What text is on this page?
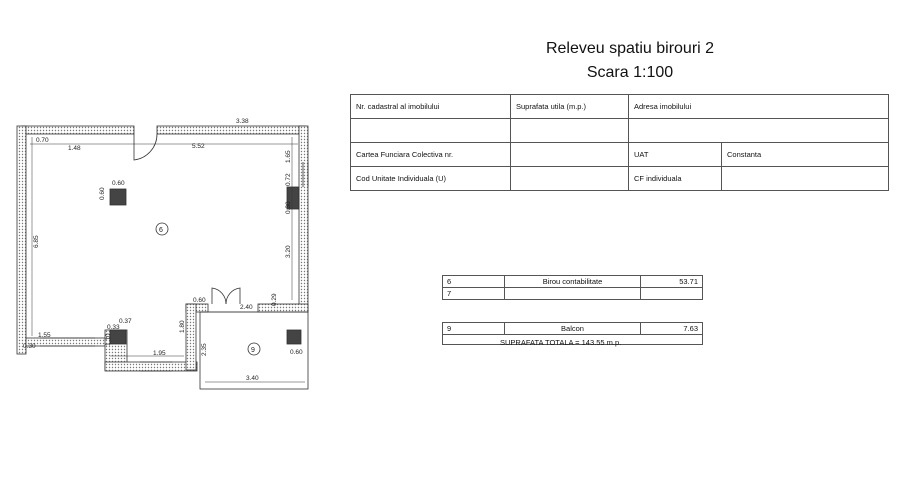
Releveu spatiu birouri 2
Scara 1:100
Nr. cadastral al imobilului	Suprafata utila (m.p.)	Adresa imobilului	

Cartea Funciara Colectiva nr.		UAT	Constanta
Cod Unitate Individuala (U)		CF individuala	
6	Birou contabilitate	53.71
7		
9	Balcon	7.63

SUPRAFATA TOTALA = 143.55 m.p.
3.38
0.70
1.48	5.52
0.60
0.60
6.85
1.65
0.72
0.30
3.20
0.60
2.40
0.29
0.37
0.33
1.55	1.10
1.80
1.95	2.35
3.40
0.60
0.30
6
9
